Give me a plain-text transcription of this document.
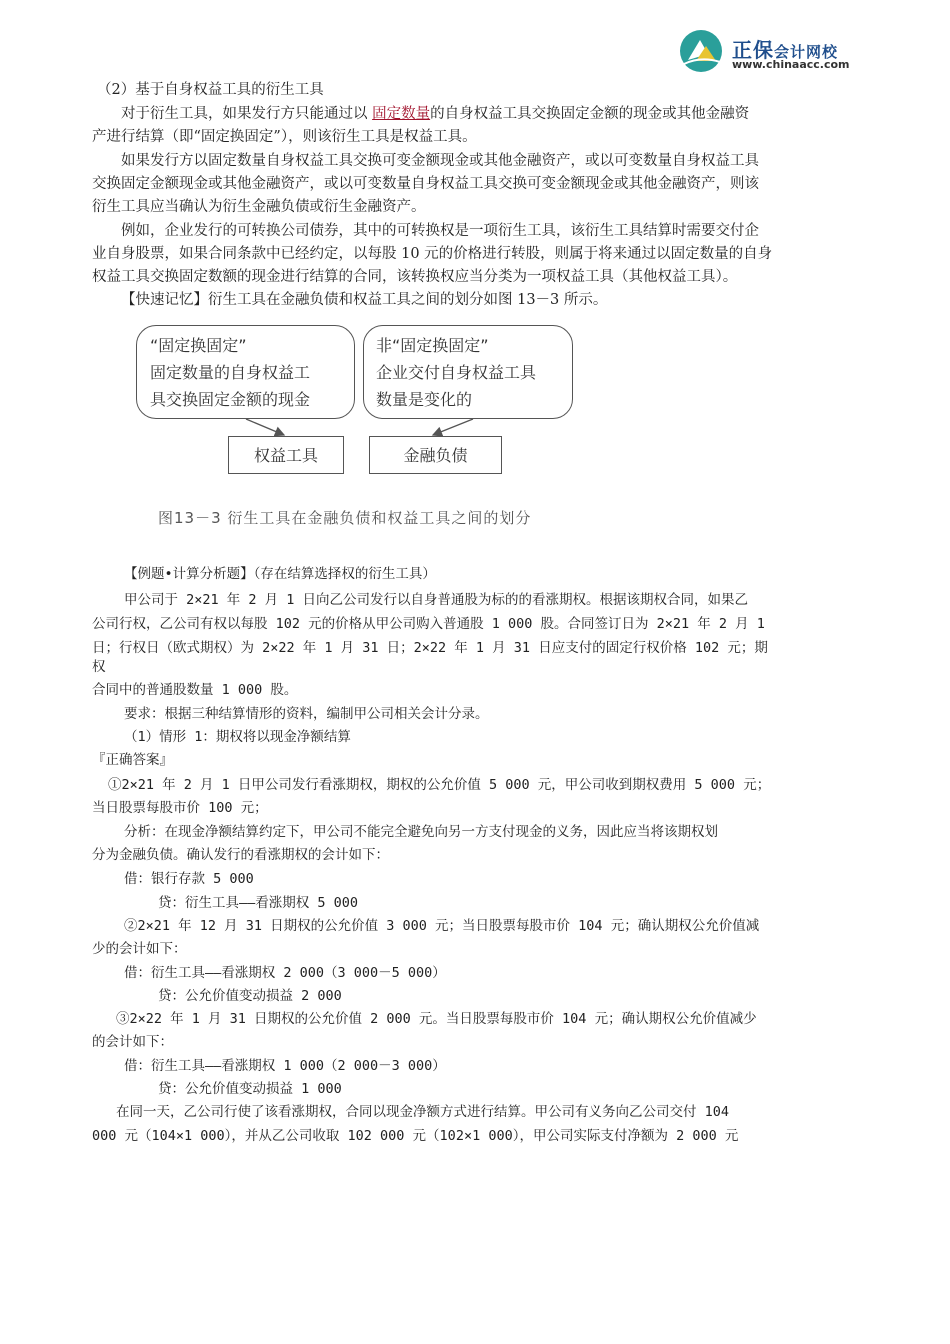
正保会计网校
www.chinaacc.com
（2）基于自身权益工具的衍生工具
对于衍生工具，如果发行方只能通过以 固定数量的自身权益工具交换固定金额的现金或其他金融资
产进行结算（即“固定换固定”），则该衍生工具是权益工具。
如果发行方以固定数量自身权益工具交换可变金额现金或其他金融资产，或以可变数量自身权益工具
交换固定金额现金或其他金融资产，或以可变数量自身权益工具交换可变金额现金或其他金融资产，则该
衍生工具应当确认为衍生金融负债或衍生金融资产。
例如，企业发行的可转换公司债券，其中的可转换权是一项衍生工具，该衍生工具结算时需要交付企
业自身股票，如果合同条款中已经约定，以每股 10 元的价格进行转股，则属于将来通过以固定数量的自身
权益工具交换固定数额的现金进行结算的合同，该转换权应当分类为一项权益工具（其他权益工具）。
【快速记忆】衍生工具在金融负债和权益工具之间的划分如图 13－3 所示。
“固定换固定”
固定数量的自身权益工
具交换固定金额的现金
非“固定换固定”
企业交付自身权益工具
数量是变化的
权益工具	金融负债
图13－3 衍生工具在金融负债和权益工具之间的划分
【例题•计算分析题】（存在结算选择权的衍生工具）
甲公司于 2×21 年 2 月 1 日向乙公司发行以自身普通股为标的的看涨期权。根据该期权合同，如果乙
公司行权，乙公司有权以每股 102 元的价格从甲公司购入普通股 1 000 股。合同签订日为 2×21 年 2 月 1
日；行权日（欧式期权）为 2×22 年 1 月 31 日；2×22 年 1 月 31 日应支付的固定行权价格 102 元；期
权
合同中的普通股数量 1 000 股。
要求：根据三种结算情形的资料，编制甲公司相关会计分录。
（1）情形 1：期权将以现金净额结算
『正确答案』
①2×21 年 2 月 1 日甲公司发行看涨期权，期权的公允价值 5 000 元，甲公司收到期权费用 5 000 元；
当日股票每股市价 100 元；
分析：在现金净额结算约定下，甲公司不能完全避免向另一方支付现金的义务，因此应当将该期权划
分为金融负债。确认发行的看涨期权的会计如下：
借：银行存款 5 000
贷：衍生工具——看涨期权 5 000
②2×21 年 12 月 31 日期权的公允价值 3 000 元；当日股票每股市价 104 元；确认期权公允价值减
少的会计如下：
借：衍生工具——看涨期权 2 000（3 000－5 000）
贷：公允价值变动损益 2 000
③2×22 年 1 月 31 日期权的公允价值 2 000 元。当日股票每股市价 104 元；确认期权公允价值减少
的会计如下：
借：衍生工具——看涨期权 1 000（2 000－3 000）
贷：公允价值变动损益 1 000
在同一天，乙公司行使了该看涨期权，合同以现金净额方式进行结算。甲公司有义务向乙公司交付 104
000 元（104×1 000），并从乙公司收取 102 000 元（102×1 000），甲公司实际支付净额为 2 000 元
